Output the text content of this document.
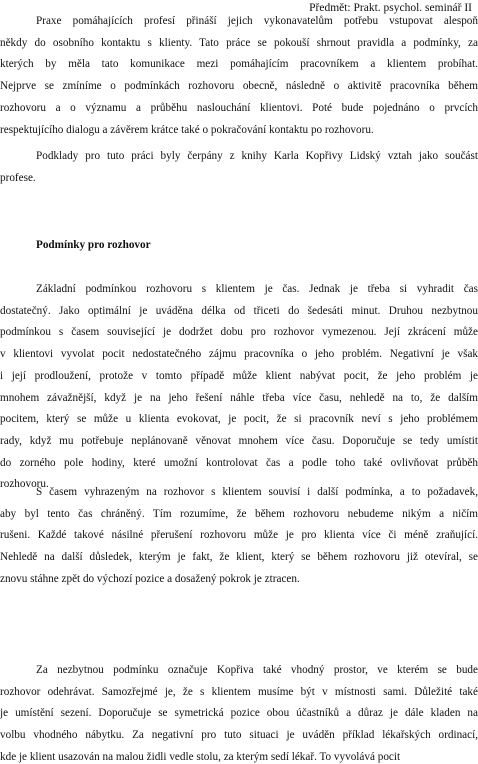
Předmět: Prakt. psychol. seminář II
Praxe pomáhajících profesí přináší jejich vykonavatelům potřebu vstupovat alespoň
někdy do osobního kontaktu s klienty. Tato práce se pokouší shrnout pravidla a podmínky, za
kterých by měla tato komunikace mezi pomáhajícím pracovníkem a klientem probíhat.
Nejprve se zmíníme o podmínkách rozhovoru obecně, následně o aktivitě pracovníka během
rozhovoru a o významu a průběhu naslouchání klientovi. Poté bude pojednáno o prvcích
respektujícího dialogu a závěrem krátce také o pokračování kontaktu po rozhovoru.
Podklady pro tuto práci byly čerpány z knihy Karla Kopřivy Lidský vztah jako součást
profese.
Podmínky pro rozhovor
Základní podmínkou rozhovoru s klientem je čas. Jednak je třeba si vyhradit čas
dostatečný. Jako optimální je uváděna délka od třiceti do šedesáti minut. Druhou nezbytnou
podmínkou s časem související je dodržet dobu pro rozhovor vymezenou. Její zkrácení může
v klientovi vyvolat pocit nedostatečného zájmu pracovníka o jeho problém. Negativní je však
i její prodloužení, protože v tomto případě může klient nabývat pocit, že jeho problém je
mnohem závažnější, když je na jeho řešení náhle třeba více času, nehledě na to, že dalším
pocitem, který se může u klienta evokovat, je pocit, že si pracovník neví s jeho problémem
rady, když mu potřebuje neplánovaně věnovat mnohem více času. Doporučuje se tedy umístit
do zorného pole hodiny, které umožní kontrolovat čas a podle toho také ovlivňovat průběh
rozhovoru.
S časem vyhrazeným na rozhovor s klientem souvisí i další podmínka, a to požadavek,
aby byl tento čas chráněný. Tím rozumíme, že během rozhovoru nebudeme nikým a ničím
rušeni. Každé takové násilné přerušení rozhovoru může je pro klienta více či méně zraňující.
Nehledě na další důsledek, kterým je fakt, že klient, který se během rozhovoru již otevíral, se
znovu stáhne zpět do výchozí pozice a dosažený pokrok je ztracen.
Za nezbytnou podmínku označuje Kopřiva také vhodný prostor, ve kterém se bude
rozhovor odehrávat. Samozřejmé je, že s klientem musíme být v místnosti sami. Důležité také
je umístění sezení. Doporučuje se symetrická pozice obou účastníků a důraz je dále kladen na
volbu vhodného nábytku. Za negativní pro tuto situaci je uváděn příklad lékařských ordinací,
kde je klient usazován na malou židli vedle stolu, za kterým sedí lékař. To vyvolává pocit
